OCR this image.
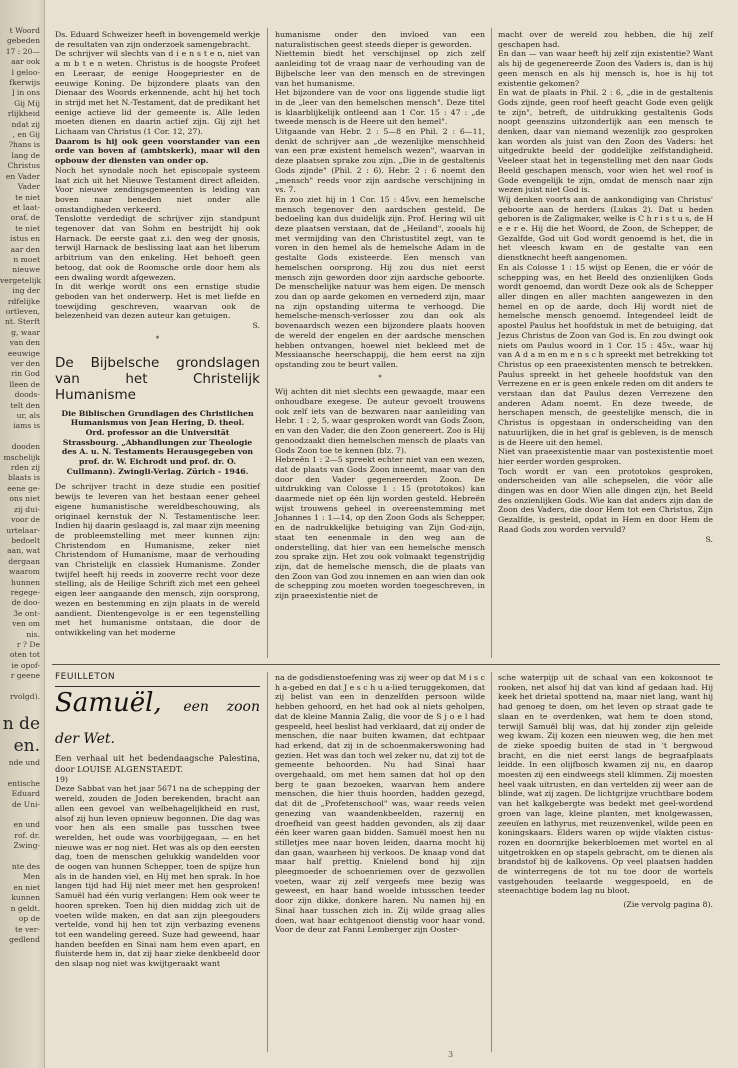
t Woord
gebeden
17 : 20—
aar ook
l geloo-
fkerwijs
] in ons
Gij Mij
rlijkheid
ndat zij
, en Gij
?hans is
lang de
Christus
en Vader
Vader
te niet
et laat-
oraf, de
te niet
istus en
aar den
n moet
nieuwe
vergetelijk
ing der
rdfelijke
ortleven,
nt. Sterft
g, waar
van den
eeuwige
ver den
rin God
lleen de
doods-
telt den
ur, als
iams is

dooden
mschelijk
rden zij
blaats is
eene ge-
ons niet
zij dui-
voor de
urtelaar-
bedoelt
aan, wat
dergaan
waarom
hunnen
regege-
de doo-
3e ont-
ven om
nis.
r ? De
oten tot
ie opof-
r geene

rvolgd).
n de
en.
nde und

entische
Eduard
de Uni-

en und
rof. dr.
Zwing-

nte des
Men
en niet
kunnen
n geldt.
op de
te ver-
gedlend

Ds. Eduard Schweizer heeft in bovengemeld werkje de resultaten van zijn onderzoek samengebracht.

De schrijver wil slechts van d i e n s t e n, niet van a m b t e n weten. Christus is de hoogste Profeet en Leeraar, de eenige Hoogepriester en de eeuwige Koning. De bijzondere plaats van den Dienaar des Woords erkennende, acht hij het toch in strijd met het N.-Testament, dat de predikant het eenige actieve lid der gemeente is. Alle leden moeten dienen en daarin actief zijn. Gij zijt het Lichaam van Christus (1 Cor. 12, 27).

Daarom is hij ook geen voorstander van een orde van boven af (ambtskerk), maar wil den opbouw der diensten van onder op.

Noch het synodale noch het episcopale systeem laat zich uit het Nieuwe Testament direct afleiden. Voor nieuwe zendingsgemeenten is leiding van boven naar beneden niet onder alle omstandigheden verkeerd.

Tenslotte verdedigt de schrijver zijn standpunt tegenover dat van Sohm en bestrijdt hij ook Harnack. De eerste gaat z.i. den weg der gnosis, terwijl Harnack de beslissing laat aan het liberum arbitrium van den enkeling. Het behoeft geen betoog, dat ook de Roomsche orde door hem als een dwaling wordt afgewezen.

In dit werkje wordt ons een ernstige studie geboden van het onderwerp. Het is met liefde en toewijding geschreven, waarvan ook de belezenheid van dezen auteur kan getuigen.

S.

*
De Bijbelsche grondslagen van het Christelijk Humanisme

Die Biblischen Grundlagen des Christlichen Humanismus von Jean Hering, D. theol. Ord. professor an die Universität Strassbourg. „Abhandlungen zur Theologie des A. u. N. Testaments Herausgegeben von prof. dr. W. Eichrodt und prof. dr. O. Cullmann). Zwingli-Verlag. Zürich - 1946.

De schrijver tracht in deze studie een positief bewijs te leveren van het bestaan eener geheel eigene humanistische wereldbeschouwing, als originael kernstuk der N. Testamentische leer. Indien hij daarin geslaagd is, zal maar zijn meening de probleemstelling met meer kunnen zijn: Christendom en Humanisme, zeker niet Christendom of Humanisme, maar de verhouding van Christelijk en classiek Humanisme. Zonder twijfel heeft hij reeds in zooverre recht voor deze stelling, als de Heilige Schrift zich met een geheel eigen leer aangaande den mensch, zijn oorsprong, wezen en bestemming en zijn plaats in de wereld aandient. Dientengevolge is er een tegenstelling met het humanisme ontstaan, die door de ontwikkeling van het moderne

humanisme onder den invloed van een naturalistischen geest steeds dieper is geworden.

Niettemin biedt het verschijnsel op zich zelf aanleiding tot de vraag naar de verhouding van de Bijbelsche leer van den mensch en de strevingen van het humanisme.

Het bijzondere van de voor ons liggende studie ligt in de „leer van den hemelschen mensch". Deze titel is klaarblijkelijk ontleend aan 1 Cor. 15 : 47 : „de tweede mensch is de Heere uit den hemel".

Uitgaande van Hebr. 2 : 5—8 en Phil. 2 : 6—11, denkt de schrijver aan „de wezenlijke menschheid van een præ existent hemelsch wezen", waarvan in deze plaatsen sprake zou zijn. „Die in de gestaltenis Gods zijnde" (Phil. 2 : 6). Hebr. 2 : 6 noemt den „mensch" reeds voor zijn aardsche verschijning in vs. 7.

En zoo ziet hij in 1 Cor. 15 : 45vv. een hemelsche mensch tegenover den aardschen gesteld. De bedoeling kan dus duidelijk zijn. Prof. Hering wil uit deze plaatsen verstaan, dat de „Heiland", zooals hij met vermijding van den Christustitel zegt, van te voren in den hemel als de hemelsche Adam in de gestalte Gods existeerde. Een mensch van hemelschen oorsprong. Hij zou dus niet eerst mensch zijn geworden door zijn aardsche geboorte. De menschelijke natuur was hem eigen. De mensch zou dan op aarde gekomen en vernederd zijn, maar na zijn opstanding uiterma te verhoogd. Die hemelsche-mensch-verlosser zou dan ook als bovenaardsch wezen een bijzondere plaats hooven de wereld der engelen en der aardsche menschen hebben ontvangen, hoewel niet bekleed met de Messiaansche heerschappij, die hem eerst na zijn opstanding zou te beurt vallen.

*

Wij achten dit niet slechts een gewaagde, maar een onhoudbare exegese. De auteur gevoelt trouwens ook zelf iets van de bezwaren naar aanleiding van Hebr. 1 : 2, 5, waar gesproken wordt van Gods Zoon, en van den Vader, die den Zoon genereert. Zoo is Hij genoodzaakt dien hemelschen mensch de plaats van Gods Zoon toe te kennen (blz. 7).

Hebreën 1 : 2—5 spreekt echter niet van een wezen, dat de plaats van Gods Zoon inneemt, maar van den door den Vader gegenereerden Zoon. De uitdrukking van Colosse 1 : 15 (prototokos) kan daarmede niet op één lijn worden gesteld. Hebreën wijst trouwens geheel in overeenstemming met Johannes 1 : 1—14, op den Zoon Gods als Schepper, en de nadrukkelijke betuiging van Zijn God-zijn, staat ten eenenmale in den weg aan de onderstelling, dat hier van een hemelsche mensch zou sprake zijn. Het zou ook volmaakt tegenstrijdig zijn, dat de hemelsche mensch, die de plaats van den Zoon van God zou innemen en aan wien dan ook de schepping zou moeten worden toegeschreven, in zijn praeexistentie niet de

macht over de wereld zou hebben, die hij zelf geschapen had.

En dan — van waar heeft hij zelf zijn existentie? Want als hij de gegenereerde Zoon des Vaders is, dan is hij geen mensch en als hij mensch is, hoe is hij tot existentie gekomen?

En wat de plaats in Phil. 2 : 6, „die in de gestaltenis Gods zijnde, geen roof heeft geacht Gode even gelijk te zijn", betreft, de uitdrukking gestaltenis Gods noopt geenszins uitzonderlijk aan een mensch te denken, daar van niemand wezenlijk zoo gesproken kan worden als juist van den Zoon des Vaders: het uitgedrukte beeld der goddelijke zelfstandigheid. Veeleer staat het in tegenstelling met den naar Gods Beeld geschapen mensch, voor wien het wel roof is Gode evengelijk te zijn, omdat de mensch naar zijn wezen juist niet God is.

Wij denken voorts aan de aankondiging van Christus' geboorte aan de herders (Lukas 2). Dat u heden geboren is de Zaligmaker, welke is C h r i s t u s, de H e e r e. Hij die het Woord, de Zoon, de Schepper, de Gezalfde, God uit God wordt genoemd is het, die in het vleesch kwam en de gestalte van een dienstknecht heeft aangenomen.

En als Colosse 1 : 15 wijst op Eenen, die er vóór de schepping was, en het Beeld des onzienlijken Gods wordt genoemd, dan wordt Deze ook als de Schepper aller dingen en aller machten aangewezen in den hemel en op de aarde, doch Hij wordt niet de hemelsche mensch genoemd. Integendeel leidt de apostel Paulus het hoofdstuk in met de betuiging, dat Jezus Christus de Zoon van God is. En zou dwingt ook niets om Paulus woord in 1 Cor. 15 : 45v., waar hij van A d a m en m e n s c h spreekt met betrekking tot Christus op een praeexistenten mensch te betrekken. Paulus spreekt in het geheele hoofdstuk van den Verrezene en er is geen enkele reden om dit anders te verstaan dan dat Paulus dezen Verrezene den anderen Adam noemt. En deze tweede, de herschapen mensch, de geestelijke mensch, die in Christus is opgestaan in onderscheiding van den natuurlijken, die in het graf is gebleven, is de mensch is de Heere uit den hemel.

Niet van praeexistentie maar van postexistentie moet hier eerder worden gesproken.

Toch wordt er van een prototokos gesproken, onderscheiden van alle schepselen, die vóór alle dingen was en door Wien alle dingen zijn, het Beeld des onzienlijken Gods. Wie kan dat anders zijn dan de Zoon des Vaders, die door Hem tot een Christus, Zijn Gezalfde, is gesteld, opdat in Hem en door Hem de Raad Gods zou worden vervuld?

S.

FEUILLETON
Samuël, een zoon der Wet.

Een verhaal uit het bedendaagsche Palestina, door LOUISE ALGENSTAEDT.

19)

Deze Sabbat van het jaar 5671 na de schepping der wereld, zouden de Joden berekenden, bracht aan allen een gevoel van welbehagelijkheid en rust, alsof zij hun leven opnieuw begonnen. Die dag was voor hen als een smalle pas tusschen twee werelden, het oude was voorbijgegaan, — en het nieuwe was er nog niet. Het was als op den eersten dag, toen de menschen gelukkig wandelden voor de oogen van hunnen Schepper, toen de spijze hun als in de handen viel, en Hij met hen sprak. In hoe langen tijd had Hij niet meer met hen gesproken! Samuël had één vurig verlangen: Hem ook weer te hooren spreken. Toen hij dien middag zich uit de voeten wilde maken, en dat aan zijn pleegouders vertelde, vond hij hen tot zijn verbazing evenens tot een wandeling gereed. Suze had geweend, haar handen beefden en Sinai nam hem even apart, en fluisterde hem in, dat zij haar zieke denkbeeld door den slaap nog niet was kwijtgeraakt want

na de godsdienstoefening was zij weer op dat M i s c h a-gebed en dat J e s c h u a-lied teruggekomen, dat zij belist van een in denzelfden persoon wilde hebben gehoord, en het had ook al niets geholpen, dat de kleine Mannia Zalig, die voor de S j o e l had gespeeld, heel beslist had verklaard, dat zij onder de menschen, die naar buiten kwamen, dat echtpaar had erkend, dat zij in de schoenmakerswoning had gezien. Het was dan toch wel zeker nu, dat zij tot de gemeente behoorden. Nu had Sinaï haar overgehaald, om met hem samen dat hol op den berg te gaan bezoeken, waarvan hem andere menschen, die hier thuis hoorden, hadden gezegd, dat dit de „Profetenschool" was, waar reeds velen genezing van waandenkbeelden, razernij en droefheid van geest hadden gevonden, als zij daar één keer waren gaan bidden. Samuël moest hen nu stilletjes mee naar boven leiden, daarna mocht hij dan gaan, waarheen hij verkoos. De knaap vond dat maar half prettig. Knielend bond hij zijn pleegmoeder de schoenriemen over de gezwollen voeten, waar zij zelf vergeefs mee bezig was geweest, en haar hand woelde intusschen teeder door zijn dikke, donkere haren. Nu namen hij en Sinaï haar tusschen zich in. Zij wilde graag alles doen, wat haar echtgenoot dienstig voor haar vond. Voor de deur zat Fanni Lemberger zijn Ooster-

sche waterpijp uit de schaal van een kokosnoot te rooken, net alsof hij dat van kind af gedaan had. Hij keek het drietal spottend na, maar niet lang, want hij had genoeg te doen, om het leven op straat gade te slaan en te overdenken, wat hem te doen stond, terwijl Samuël blij was, dat hij zonder zijn geleide weg kwam. Zij kozen een nieuwen weg, die hen met de zieke spoedig buiten de stad in 't bergwoud bracht, en die niet eerst langs de begraafplaats leidde. In een olijfbosch kwamen zij nu, en daarop moesten zij een eindweegs stell klimmen. Zij moesten heel vaak uitrusten, en dan vertelden zij weer aan de blinde, wat zij zagen. De lichtgrijze vruchtbare bodem van het kalkgebergte was bedekt met geel-wordend groen van lage, kleine planten, met knolgewassen, zeeuïen en lathyrus, met reuzenvenkel, wilde peen en koningskaars. Elders waren op wijde vlakten cistus-rozen en doornrijke bekerbloemen met wortel en al uitgetrokken en op stapels gebracht, om te dienen als brandstof bij de kalkovens. Op veel plaatsen hadden de winterregens de tot nu toe door de wortels vastgehouden teelaarde weggespoeld, en de steenachtige bodem lag nu bloot.

(Zie vervolg pagina 8).

3
